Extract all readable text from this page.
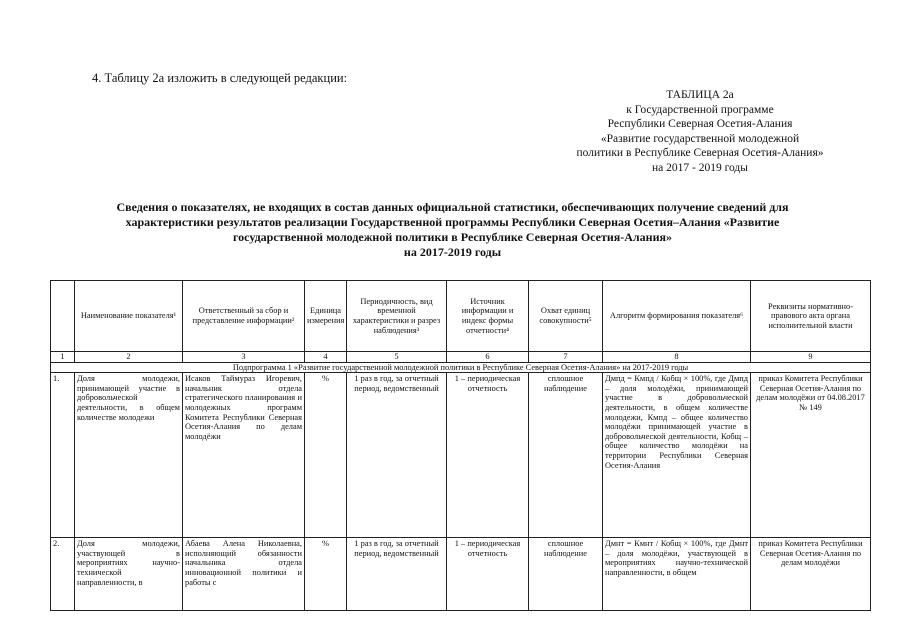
4. Таблицу 2а изложить в следующей редакции:
ТАБЛИЦА 2а
к Государственной программе
Республики Северная Осетия-Алания
«Развитие государственной молодежной
политики в Республике Северная Осетия-Алания»
на 2017 - 2019 годы
Сведения о показателях, не входящих в состав данных официальной статистики, обеспечивающих получение сведений для
характеристики результатов реализации Государственной программы Республики Северная Осетия–Алания «Развитие
государственной молодежной политики в Республике Северная Осетия-Алания»
на 2017-2019 годы
	Наименование показателя¹	Ответственный за сбор и представление информации²	Единица измерения	Периодичность, вид временной характеристики и разрез наблюдения³	Источник информации и индекс формы отчетности⁴	Охват единиц совокупности⁵	Алгоритм формирования показателя⁶	Реквизиты нормативно-правового акта органа исполнительной власти
1	2	3	4	5	6	7	8	9
Подпрограмма 1 «Развитие государственной молодежной политики в Республике Северная Осетия-Алания» на 2017-2019 годы								
1.	Доля молодежи, принимающей участие в добровольческой деятельности, в общем количестве молодежи	Исаков Таймураз Игоревич, начальник отдела стратегического планирования и молодежных программ Комитета Республики Северная Осетия-Алания по делам молодёжи	%	1 раз в год, за отчетный период, ведомственный	1 – периодическая отчетность	сплошное наблюдение	Дмпд = Кмпд / Кобщ × 100%, где Дмпд – доля молодёжи, принимающей участие в добровольческой деятельности, в общем количестве молодежи, Кмпд – общее количество молодёжи принимающей участие в добровольческой деятельности, Кобщ – общее количество молодёжи на территории Республики Северная Осетия-Алания	приказ Комитета Республики Северная Осетия-Алания по делам молодёжи от 04.08.2017 № 149
2.	Доля молодежи, участвующей в мероприятиях научно-технической направленности, в	Абаева Алена Николаевна, исполняющий обязанности начальника отдела инновационной политики и работы с	%	1 раз в год, за отчетный период, ведомственный	1 – периодическая отчетность	сплошное наблюдение	Дмнт = Кмнт / Кобщ × 100%, где Дмнт – доля молодёжи, участвующей в мероприятиях научно-технической направленности, в общем	приказ Комитета Республики Северная Осетия-Алания по делам молодёжи
